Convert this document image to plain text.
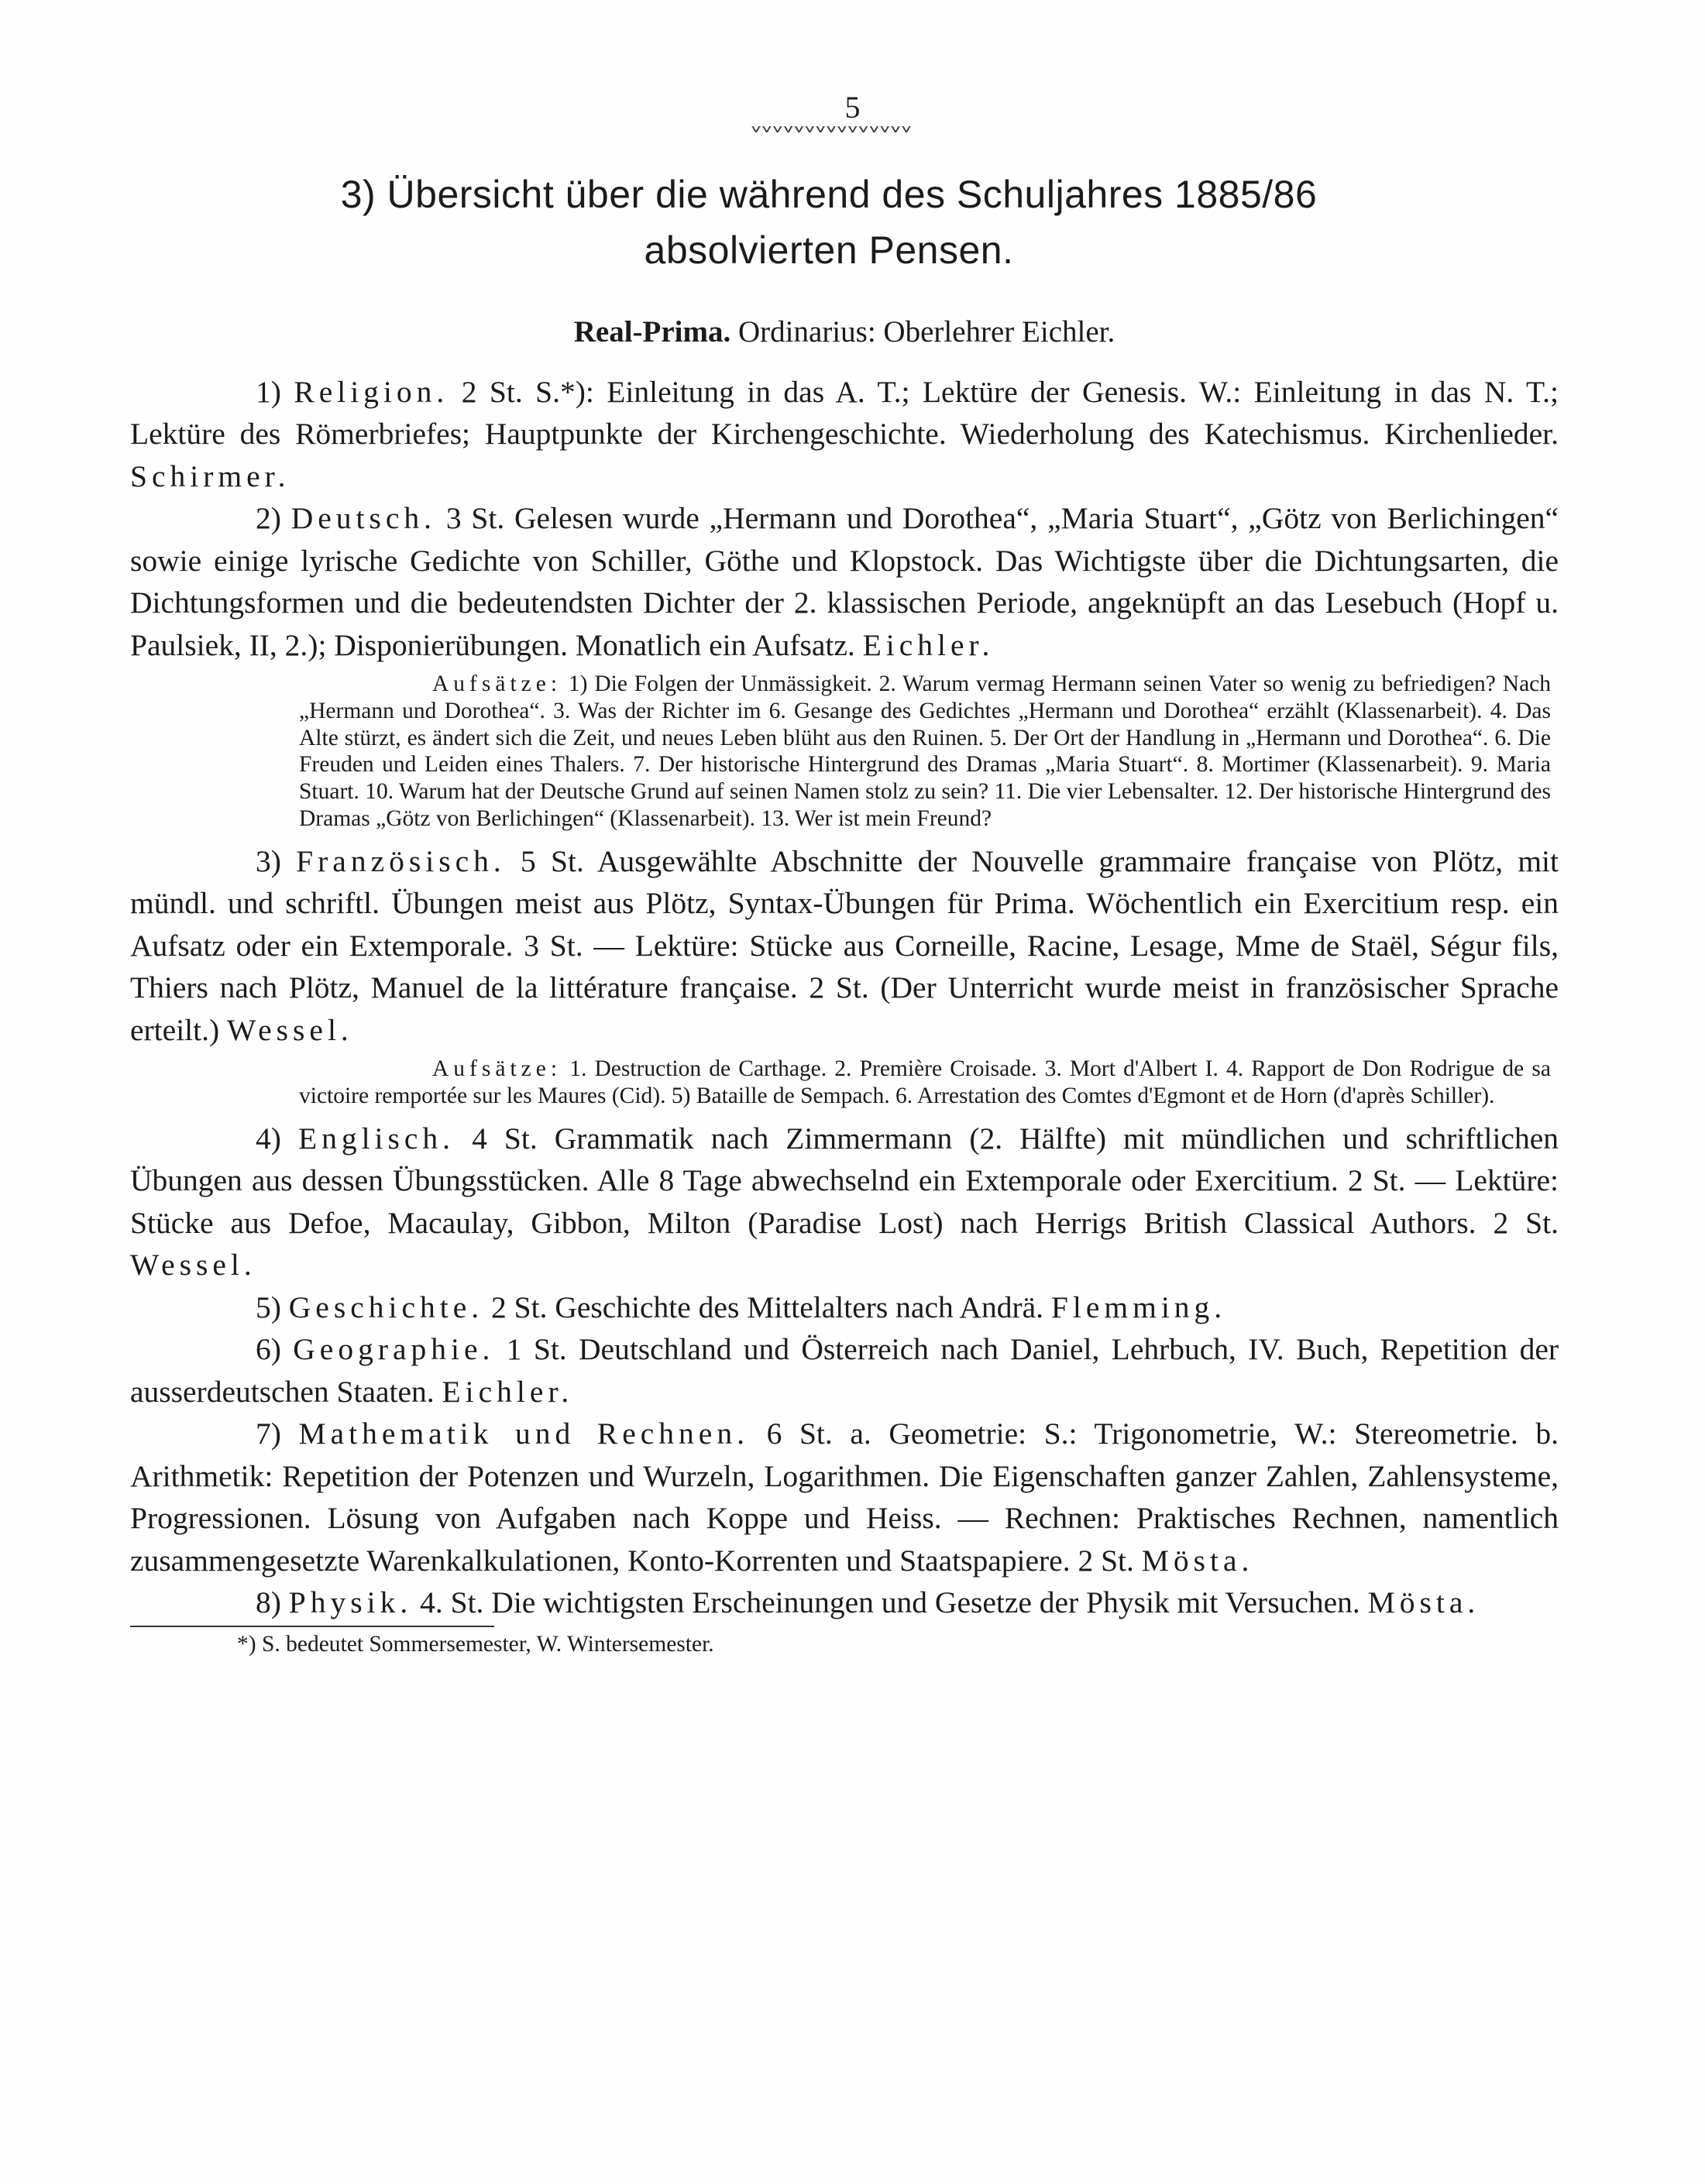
5
3) Übersicht über die während des Schuljahres 1885/86
absolvierten Pensen.
Real-Prima. Ordinarius: Oberlehrer Eichler.

1) Religion. 2 St. S.*): Einleitung in das A. T.; Lektüre der Genesis. W.: Einleitung in das N. T.; Lektüre des Römerbriefes; Hauptpunkte der Kirchengeschichte. Wiederholung des Katechismus. Kirchenlieder. Schirmer.

2) Deutsch. 3 St. Gelesen wurde „Hermann und Dorothea“, „Maria Stuart“, „Götz von Berlichingen“ sowie einige lyrische Gedichte von Schiller, Göthe und Klopstock. Das Wichtigste über die Dichtungsarten, die Dichtungsformen und die bedeutendsten Dichter der 2. klassischen Periode, angeknüpft an das Lesebuch (Hopf u. Paulsiek, II, 2.); Disponierübungen. Monatlich ein Aufsatz. Eichler.

Aufsätze: 1) Die Folgen der Unmässigkeit. 2. Warum vermag Hermann seinen Vater so wenig zu befriedigen? Nach „Hermann und Dorothea“. 3. Was der Richter im 6. Gesange des Gedichtes „Hermann und Dorothea“ erzählt (Klassenarbeit). 4. Das Alte stürzt, es ändert sich die Zeit, und neues Leben blüht aus den Ruinen. 5. Der Ort der Handlung in „Hermann und Dorothea“. 6. Die Freuden und Leiden eines Thalers. 7. Der historische Hintergrund des Dramas „Maria Stuart“. 8. Mortimer (Klassenarbeit). 9. Maria Stuart. 10. Warum hat der Deutsche Grund auf seinen Namen stolz zu sein? 11. Die vier Lebensalter. 12. Der historische Hintergrund des Dramas „Götz von Berlichingen“ (Klassenarbeit). 13. Wer ist mein Freund?

3) Französisch. 5 St. Ausgewählte Abschnitte der Nouvelle grammaire française von Plötz, mit mündl. und schriftl. Übungen meist aus Plötz, Syntax-Übungen für Prima. Wöchentlich ein Exercitium resp. ein Aufsatz oder ein Extemporale. 3 St. — Lektüre: Stücke aus Corneille, Racine, Lesage, Mme de Staël, Ségur fils, Thiers nach Plötz, Manuel de la littérature française. 2 St. (Der Unterricht wurde meist in französischer Sprache erteilt.) Wessel.

Aufsätze: 1. Destruction de Carthage. 2. Première Croisade. 3. Mort d'Albert I. 4. Rapport de Don Rodrigue de sa victoire remportée sur les Maures (Cid). 5) Bataille de Sempach. 6. Arrestation des Comtes d'Egmont et de Horn (d'après Schiller).

4) Englisch. 4 St. Grammatik nach Zimmermann (2. Hälfte) mit mündlichen und schriftlichen Übungen aus dessen Übungsstücken. Alle 8 Tage abwechselnd ein Extemporale oder Exercitium. 2 St. — Lektüre: Stücke aus Defoe, Macaulay, Gibbon, Milton (Paradise Lost) nach Herrigs British Classical Authors. 2 St. Wessel.

5) Geschichte. 2 St. Geschichte des Mittelalters nach Andrä. Flemming.

6) Geographie. 1 St. Deutschland und Österreich nach Daniel, Lehrbuch, IV. Buch, Repetition der ausserdeutschen Staaten. Eichler.

7) Mathematik und Rechnen. 6 St. a. Geometrie: S.: Trigonometrie, W.: Stereometrie. b. Arithmetik: Repetition der Potenzen und Wurzeln, Logarithmen. Die Eigenschaften ganzer Zahlen, Zahlensysteme, Progressionen. Lösung von Aufgaben nach Koppe und Heiss. — Rechnen: Praktisches Rechnen, namentlich zusammengesetzte Warenkalkulationen, Konto-Korrenten und Staatspapiere. 2 St. Mösta.

8) Physik. 4. St. Die wichtigsten Erscheinungen und Gesetze der Physik mit Versuchen. Mösta.

*) S. bedeutet Sommersemester, W. Wintersemester.
